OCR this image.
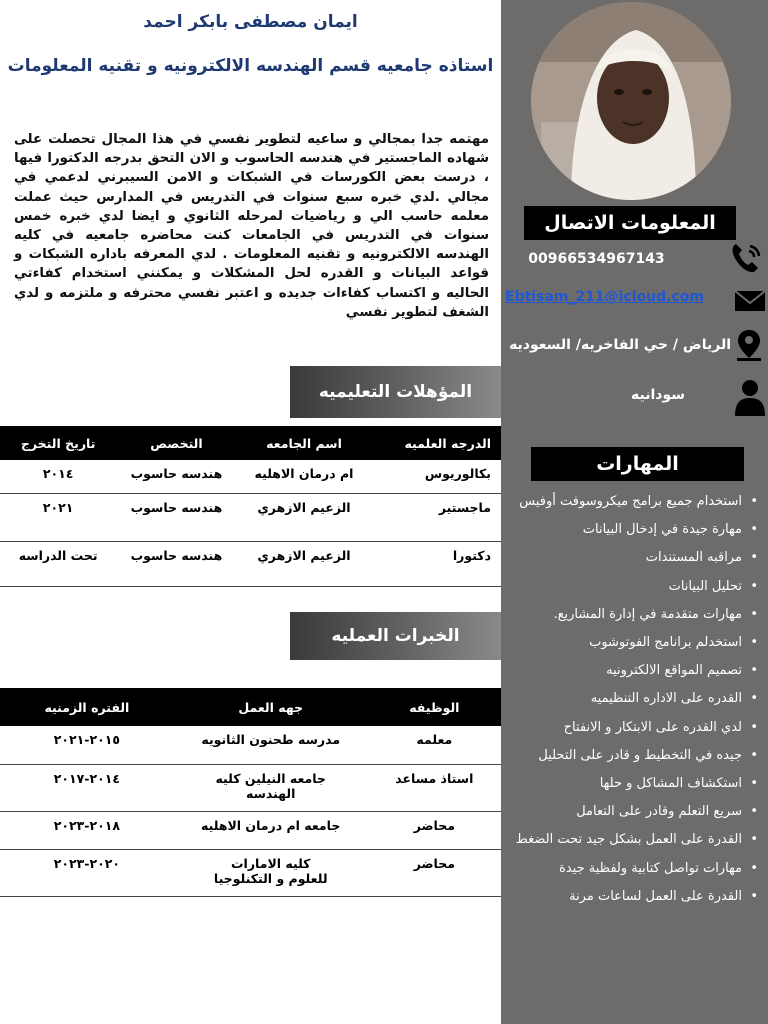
ايمان مصطفى بابكر احمد
استاذه جامعيه قسم الهندسه الالكترونيه و تقنيه المعلومات
مهتمه جدا بمجالي و ساعيه لتطوير نفسي في هذا المجال تحصلت على شهاده الماجستير في هندسه الحاسوب و الان التحق بدرجه الدكتورا فيها ، درست بعض الكورسات في الشبكات و الامن السيبرني لدعمي في مجالي .لدي خبره سبع سنوات في التدريس في المدارس حيث عملت معلمه حاسب الي و رياضيات لمرحله الثانوي و ايضا لدي خبره خمس سنوات في التدريس في الجامعات كنت محاضره جامعيه في كليه الهندسه الالكترونيه و تقنيه المعلومات . لدي المعرفه باداره الشبكات و قواعد البيانات و القدره لحل المشكلات و يمكنني استخدام كفاءتي الحاليه و اكتساب كفاءات جديده و اعتبر نفسي محترفه و ملتزمه و لدي الشغف لتطوير نفسي
المعلومات الاتصال
00966534967143
Ebtisam_211@icloud.com
الرياض / حي الفاخريه/ السعوديه
سودانيه
المهارات
• استخدام جميع برامج ميكروسوفت أوفيس
• مهارة جيدة في إدخال البيانات
• مراقبه المستندات
• تحليل البيانات
• مهارات متقدمة في إدارة المشاريع.
• استخدلم برانامج الفوتوشوب
• تصميم المواقع الالكترونيه
• القدره على الاداره التنظيميه
• لدي القدره على الابتكار و الانفتاح
• جيده في التخطيط و قادر على التحليل
• استكشاف المشاكل و حلها
• سريع التعلم وقادر على التعامل
• القدرة على العمل بشكل جيد تحت الضغط
• مهارات تواصل كتابية ولفظية جيدة
• القدرة على العمل لساعات مرنة
المؤهلات التعليميه
الدرجه العلميه	اسم الجامعه	التخصص	تاريخ التخرج
بكالوريوس	ام درمان الاهليه	هندسه حاسوب	٢٠١٤
ماجستير	الزعيم الازهري	هندسه حاسوب	٢٠٢١
دكتورا	الزعيم الازهري	هندسه حاسوب	تحت الدراسه
الخبرات العمليه
الوظيفه	جهه العمل	الفتره الزمنيه
معلمه	مدرسه طحنون الثانويه	٢٠١٥-٢٠٢١
استاذ مساعد	جامعه النيلين كليه الهندسه	٢٠١٤-٢٠١٧
محاضر	جامعه ام درمان الاهليه	٢٠١٨-٢٠٢٣
محاضر	كليه الامارات للعلوم و التكنلوجيا	٢٠٢٠-٢٠٢٣
